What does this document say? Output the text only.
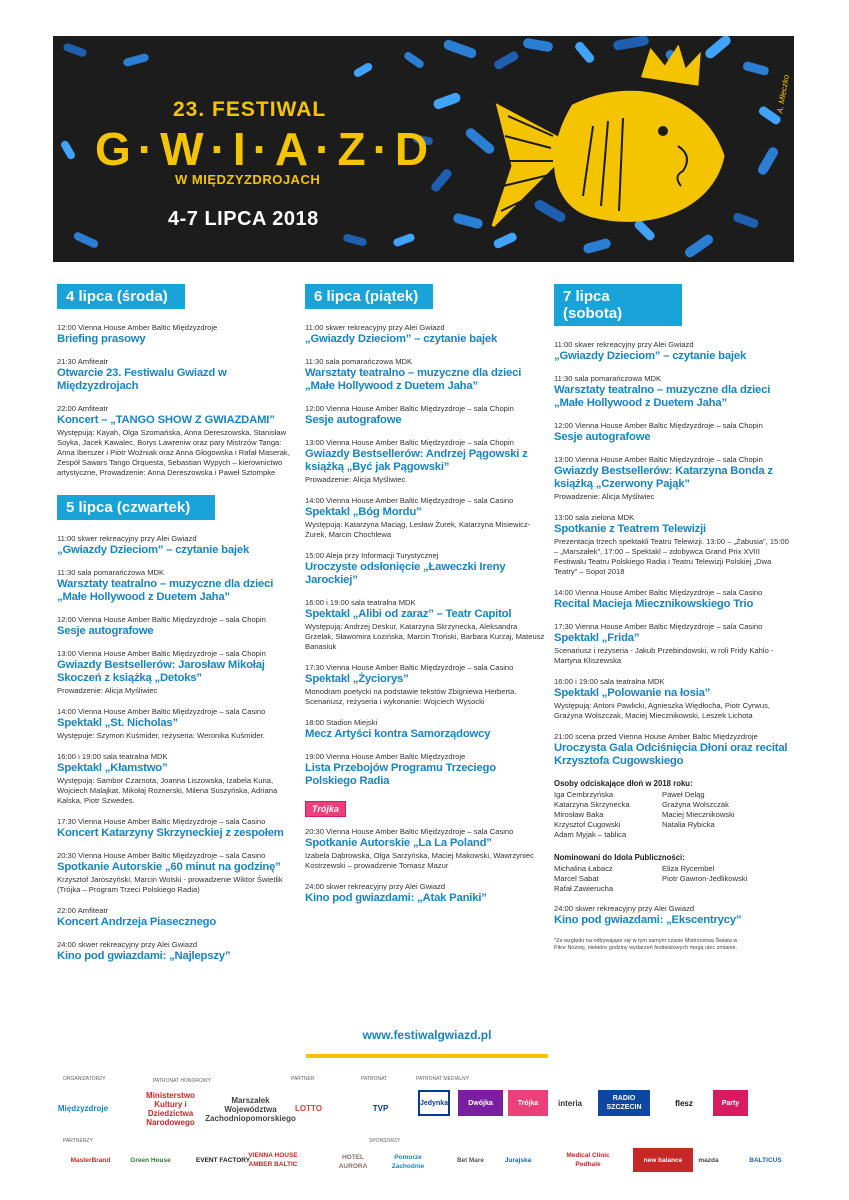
23. FESTIWAL
G·W·I·A·Z·D
W MIĘDZYZDROJACH
4-7 LIPCA 2018
A. Mleczko
4 lipca (środa)
12:00 Vienna House Amber Baltic Międzyzdroje
Briefing prasowy
21:30 Amfiteatr
Otwarcie 23. Festiwalu Gwiazd w Międzyzdrojach
22:00 Amfiteatr
Koncert – „TANGO SHOW Z GWIAZDAMI”
Występują: Kayah, Olga Szomańska, Anna Dereszowska, Stanisław Soyka, Jacek Kawalec, Borys Lawreniw oraz pary Mistrzów Tanga: Anna Iberszer i Piotr Woźniak oraz Anna Głogowska i Rafał Maserak, Zespół Sawars Tango Orquesta, Sebastian Wypych – kierownictwo artystyczne, Prowadzenie: Anna Dereszowska i Paweł Sztompke
5 lipca (czwartek)
11:00 skwer rekreacyjny przy Alei Gwiazd
„Gwiazdy Dzieciom” – czytanie bajek
11:30 sala pomarańczowa MDK
Warsztaty teatralno – muzyczne dla dzieci „Małe Hollywood z Duetem Jaha”
12:00 Vienna House Amber Baltic Międzyzdroje – sala Chopin
Sesje autografowe
13:00 Vienna House Amber Baltic Międzyzdroje – sala Chopin
Gwiazdy Bestsellerów: Jarosław Mikołaj Skoczeń z książką „Detoks”
Prowadzenie: Alicja Myśliwiec
14:00 Vienna House Amber Baltic Międzyzdroje – sala Casino
Spektakl „St. Nicholas”
Występuje: Szymon Kuśmider, reżyseria: Weronika Kuśmider.
16:00 i 19:00 sala teatralna MDK
Spektakl „Kłamstwo”
Występują: Sambor Czarnota, Joanna Liszowska, Izabela Kuna, Wojciech Malajkat, Mikołaj Roznerski, Milena Suszyńska, Adriana Kalska, Piotr Szwedes.
17:30 Vienna House Amber Baltic Międzyzdroje – sala Casino
Koncert Katarzyny Skrzyneckiej z zespołem
20:30 Vienna House Amber Baltic Międzyzdroje – sala Casino
Spotkanie Autorskie „60 minut na godzinę”
Krzysztof Jaroszyński, Marcin Wolski - prowadzenie Wiktor Świetlik (Trójka – Program Trzeci Polskiego Radia)
22:00 Amfiteatr
Koncert Andrzeja Piasecznego
24:00 skwer rekreacyjny przy Alei Gwiazd
Kino pod gwiazdami: „Najlepszy”
6 lipca (piątek)
11:00 skwer rekreacyjny przy Alei Gwiazd
„Gwiazdy Dzieciom” – czytanie bajek
11:30 sala pomarańczowa MDK
Warsztaty teatralno – muzyczne dla dzieci „Małe Hollywood z Duetem Jaha”
12:00 Vienna House Amber Baltic Międzyzdroje – sala Chopin
Sesje autografowe
13:00 Vienna House Amber Baltic Międzyzdroje – sala Chopin
Gwiazdy Bestsellerów: Andrzej Pągowski z książką „Być jak Pągowski”
Prowadzenie: Alicja Myśliwiec
14:00 Vienna House Amber Baltic Międzyzdroje – sala Casino
Spektakl „Bóg Mordu”
Występują: Katarzyna Maciąg, Lesław Żurek, Katarzyna Misiewicz-Żurek, Marcin Chochlewa
15:00 Aleja przy Informacji Turystycznej
Uroczyste odsłonięcie „Ławeczki Ireny Jarockiej”
16:00 i 19:00 sala teatralna MDK
Spektakl „Alibi od zaraz” – Teatr Capitol
Występują: Andrzej Deskur, Katarzyna Skrzynecka, Aleksandra Grzelak, Sławomira Łozińska, Marcin Troński, Barbara Kurzaj, Mateusz Banasiuk
17:30 Vienna House Amber Baltic Międzyzdroje – sala Casino
Spektakl „Życiorys”
Monodram poetycki na podstawie tekstów Zbigniewa Herberta. Scenariusz, reżyseria i wykonanie: Wojciech Wysocki
18:00 Stadion Miejski
Mecz Artyści kontra Samorządowcy
19:00 Vienna House Amber Baltic Międzyzdroje
Lista Przebojów Programu Trzeciego Polskiego Radia
Trójka
20:30 Vienna House Amber Baltic Międzyzdroje – sala Casino
Spotkanie Autorskie „La La Poland”
Izabela Dąbrowska, Olga Sarzyńska, Maciej Makowski, Wawrzyniec Kostrzewski – prowadzenie Tomasz Mazur
24:00 skwer rekreacyjny przy Alei Gwiazd
Kino pod gwiazdami: „Atak Paniki”
7 lipca (sobota)
11:00 skwer rekreacyjny przy Alei Gwiazd
„Gwiazdy Dzieciom” – czytanie bajek
11:30 sala pomarańczowa MDK
Warsztaty teatralno – muzyczne dla dzieci „Małe Hollywood z Duetem Jaha”
12:00 Vienna House Amber Baltic Międzyzdroje – sala Chopin
Sesje autografowe
13:00 Vienna House Amber Baltic Międzyzdroje – sala Chopin
Gwiazdy Bestsellerów: Katarzyna Bonda z książką „Czerwony Pająk”
Prowadzenie: Alicja Myśliwiec
13:00 sala zielona MDK
Spotkanie z Teatrem Telewizji
Prezentacja trzech spektakli Teatru Telewizji. 13:00 – „Żabusia”, 15:00 – „Marszałek”, 17:00 – Spektakl – zdobywca Grand Prix XVIII Festiwalu Teatru Polskiego Radia i Teatru Telewizji Polskiej „Dwa Teatry” – Sopot 2018
14:00 Vienna House Amber Baltic Międzyzdroje – sala Casino
Recital Macieja Miecznikowskiego Trio
17:30 Vienna House Amber Baltic Międzyzdroje – sala Casino
Spektakl „Frida”
Scenariusz i reżyseria - Jakub Przebindowski, w roli Fridy Kahlo - Martyna Kliszewska
16:00 i 19:00 sala teatralna MDK
Spektakl „Polowanie na łosia”
Występują: Antoni Pawlicki, Agnieszka Więdłocha, Piotr Cyrwus, Grażyna Wolszczak, Maciej Miecznikowski, Leszek Lichota
21:00 scena przed Vienna House Amber Baltic Międzyzdroje
Uroczysta Gala Odciśnięcia Dłoni oraz recital Krzysztofa Cugowskiego
Osoby odciskające dłoń w 2018 roku:
Iga Cembrzyńska	Paweł Deląg
Katarzyna Skrzynecka	Grażyna Wolszczak
Mirosław Baka	Maciej Miecznikowski
Krzysztof Cugowski	Natalia Rybicka
Adam Myjak – tablica
Nominowani do Idola Publiczności:
Michalina Łabacz	Eliza Rycembel
Marcel Sabat	Piotr Gawron-Jedlikowski
Rafał Zawierucha
24:00 skwer rekreacyjny przy Alei Gwiazd
Kino pod gwiazdami: „Ekscentrycy”
*Ze względu na odbywające się w tym samym czasie Mistrzostwa Świata w Piłce Nożnej, niektóre godziny wydarzeń festiwalowych mogą ulec zmianie.
www.festiwalgwiazd.pl
ORGANIZATORZY	PATRONAT HONOROWY	PARTNER	PATRONAT	PATRONAT MEDIALNY
PARTNERZY	SPONSORZY
Międzyzdroje
Ministerstwo Kultury i Dziedzictwa Narodowego
Marszałek Województwa Zachodniopomorskiego
LOTTO	TVP
Jedynka	Dwójka	Trójka	interia	RADIO SZCZECIN	flesz	Party
MasterBrand	Green House	EVENT FACTORY
VIENNA HOUSE AMBER BALTIC
HOTEL AURORA
Pomorze Zachodnie
Bel Mare	Jurajska
Medical Clinic Podhale
new balance	mazda	BALTICUS
